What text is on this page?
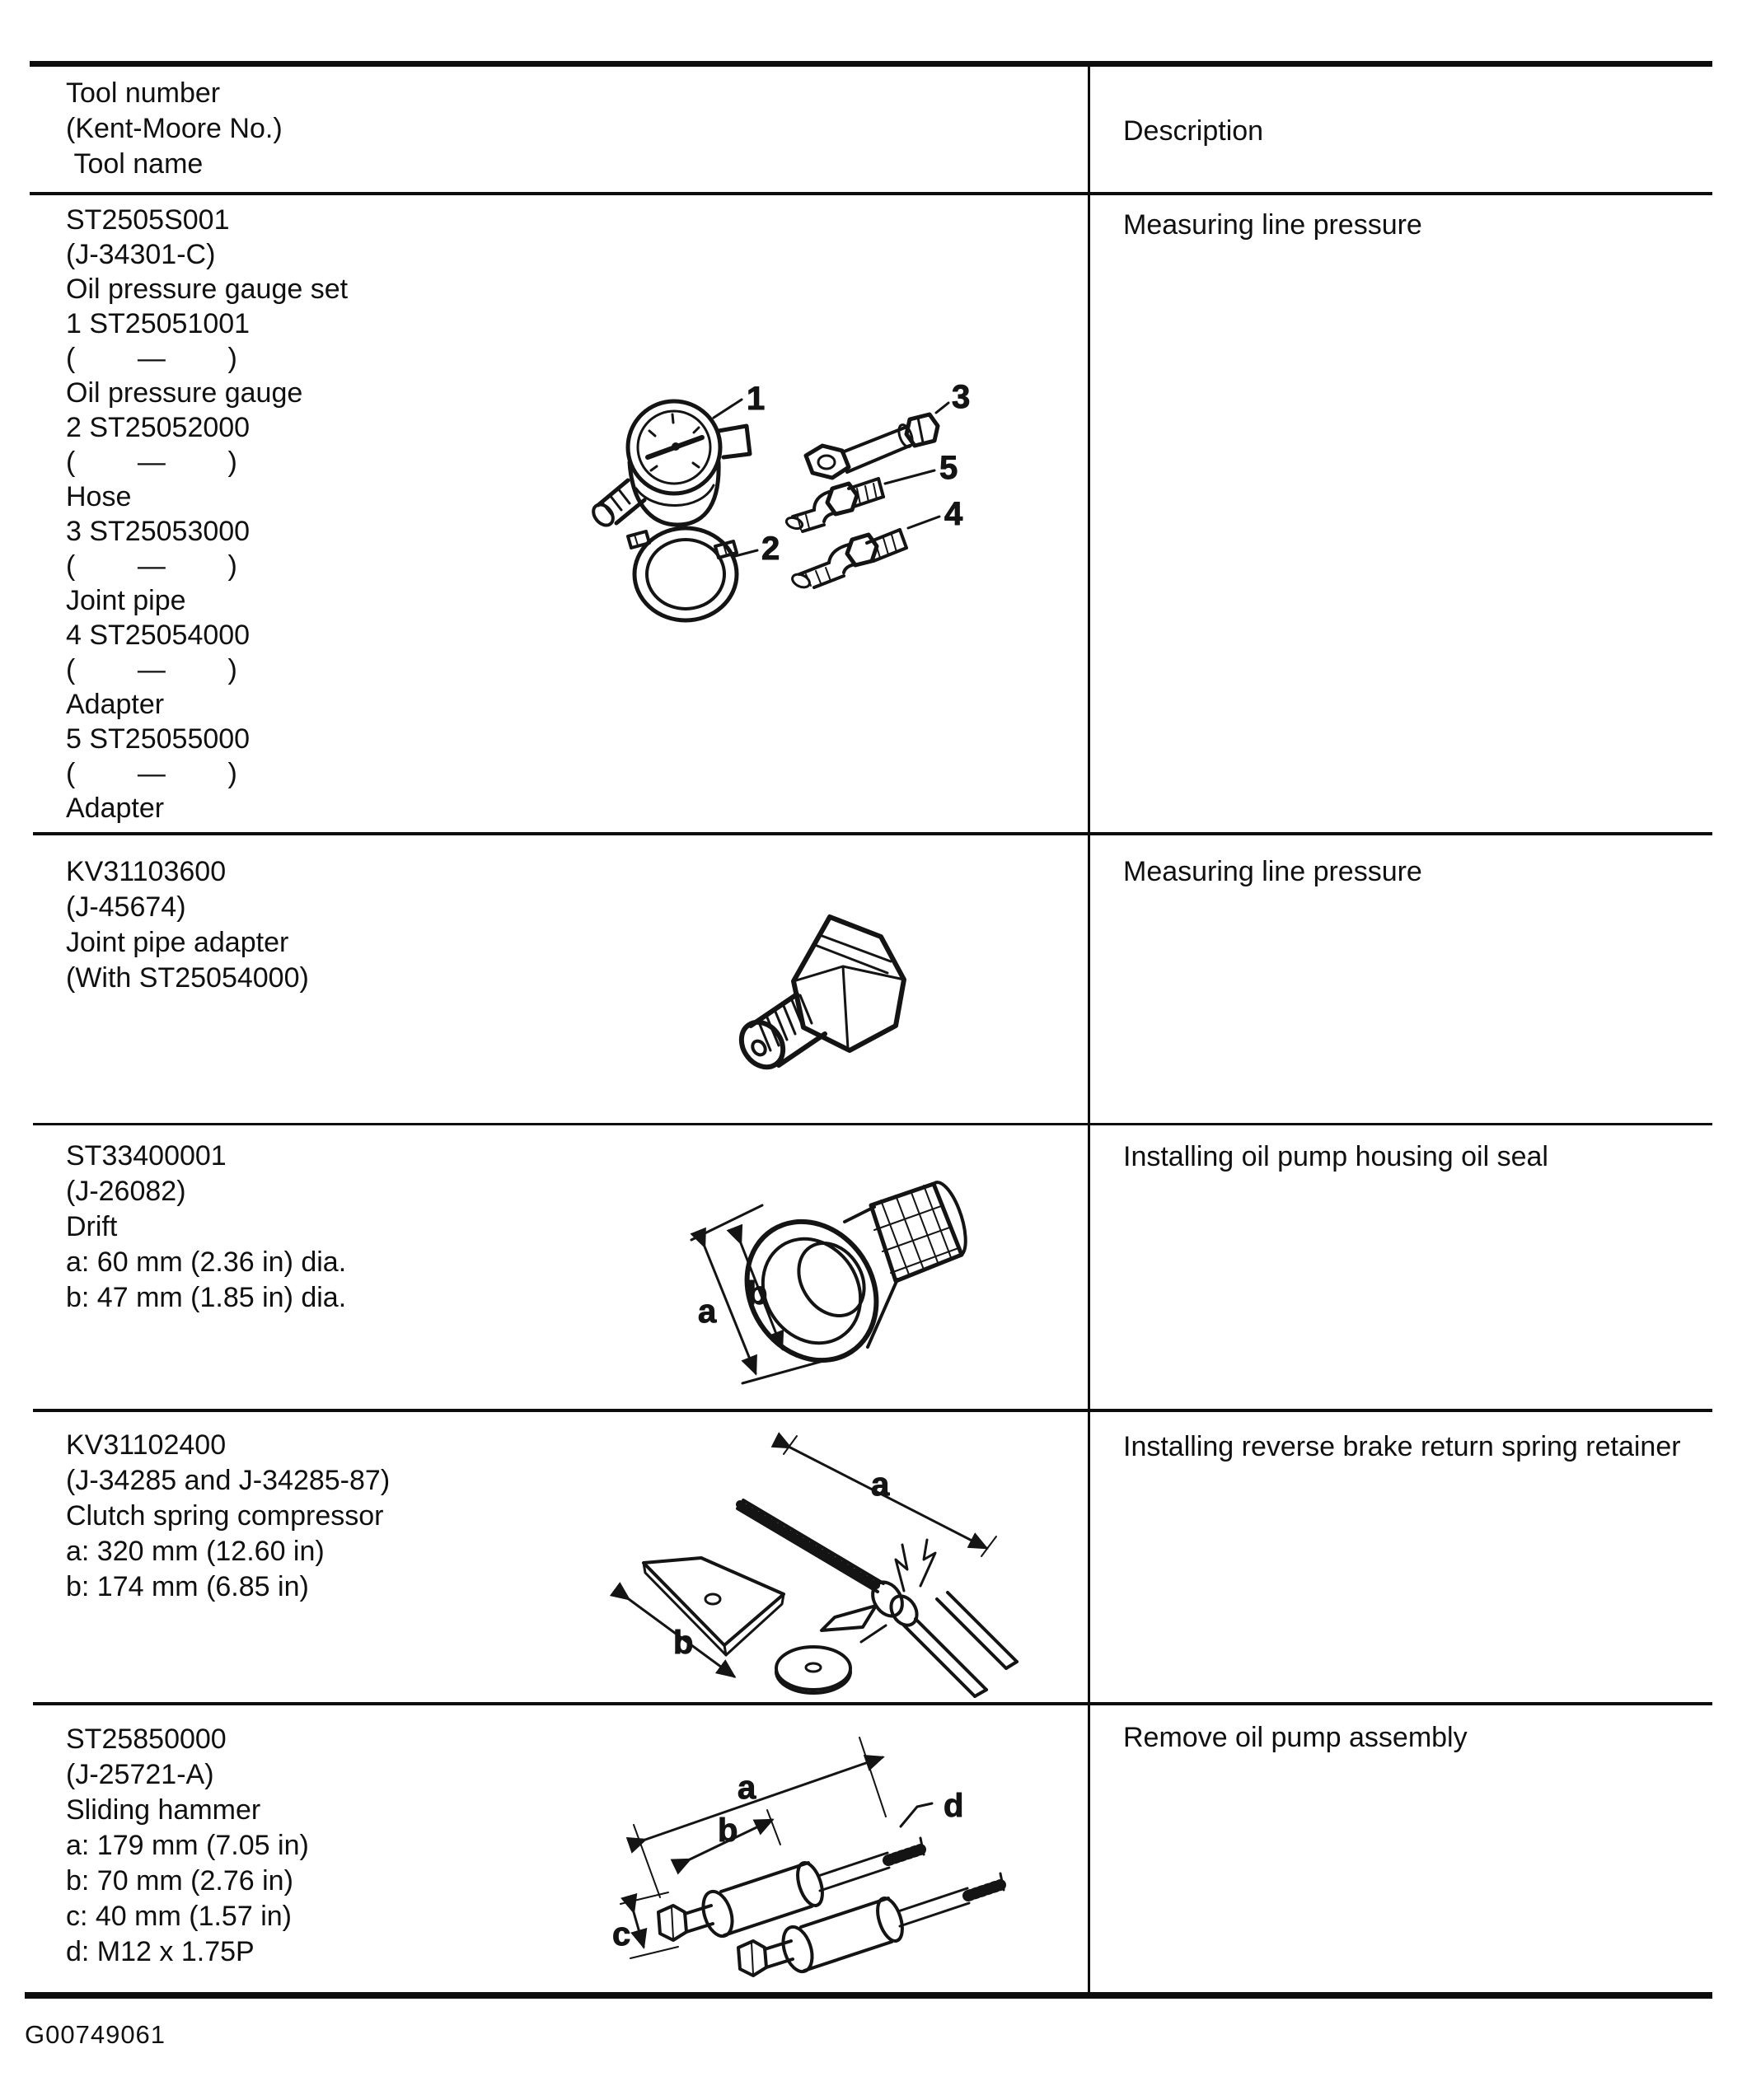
Tool number
(Kent-Moore No.)
Tool name
Description
ST2505S001
(J-34301-C)
Oil pressure gauge set
1 ST25051001
(        —        )
Oil pressure gauge
2 ST25052000
(        —        )
Hose
3 ST25053000
(        —        )
Joint pipe
4 ST25054000
(        —        )
Adapter
5 ST25055000
(        —        )
Adapter
Measuring line pressure
1	3
5
4
2
KV31103600
(J-45674)
Joint pipe adapter
(With ST25054000)
Measuring line pressure
ST33400001
(J-26082)
Drift
a: 60 mm (2.36 in) dia.
b: 47 mm (1.85 in) dia.
Installing oil pump housing oil seal
a b
KV31102400
(J-34285 and J-34285-87)
Clutch spring compressor
a: 320 mm (12.60 in)
b: 174 mm (6.85 in)
Installing reverse brake return spring retainer
a
b
ST25850000
(J-25721-A)
Sliding hammer
a: 179 mm (7.05 in)
b: 70 mm (2.76 in)
c: 40 mm (1.57 in)
d: M12 x 1.75P
Remove oil pump assembly
a
b
c
d
G00749061
